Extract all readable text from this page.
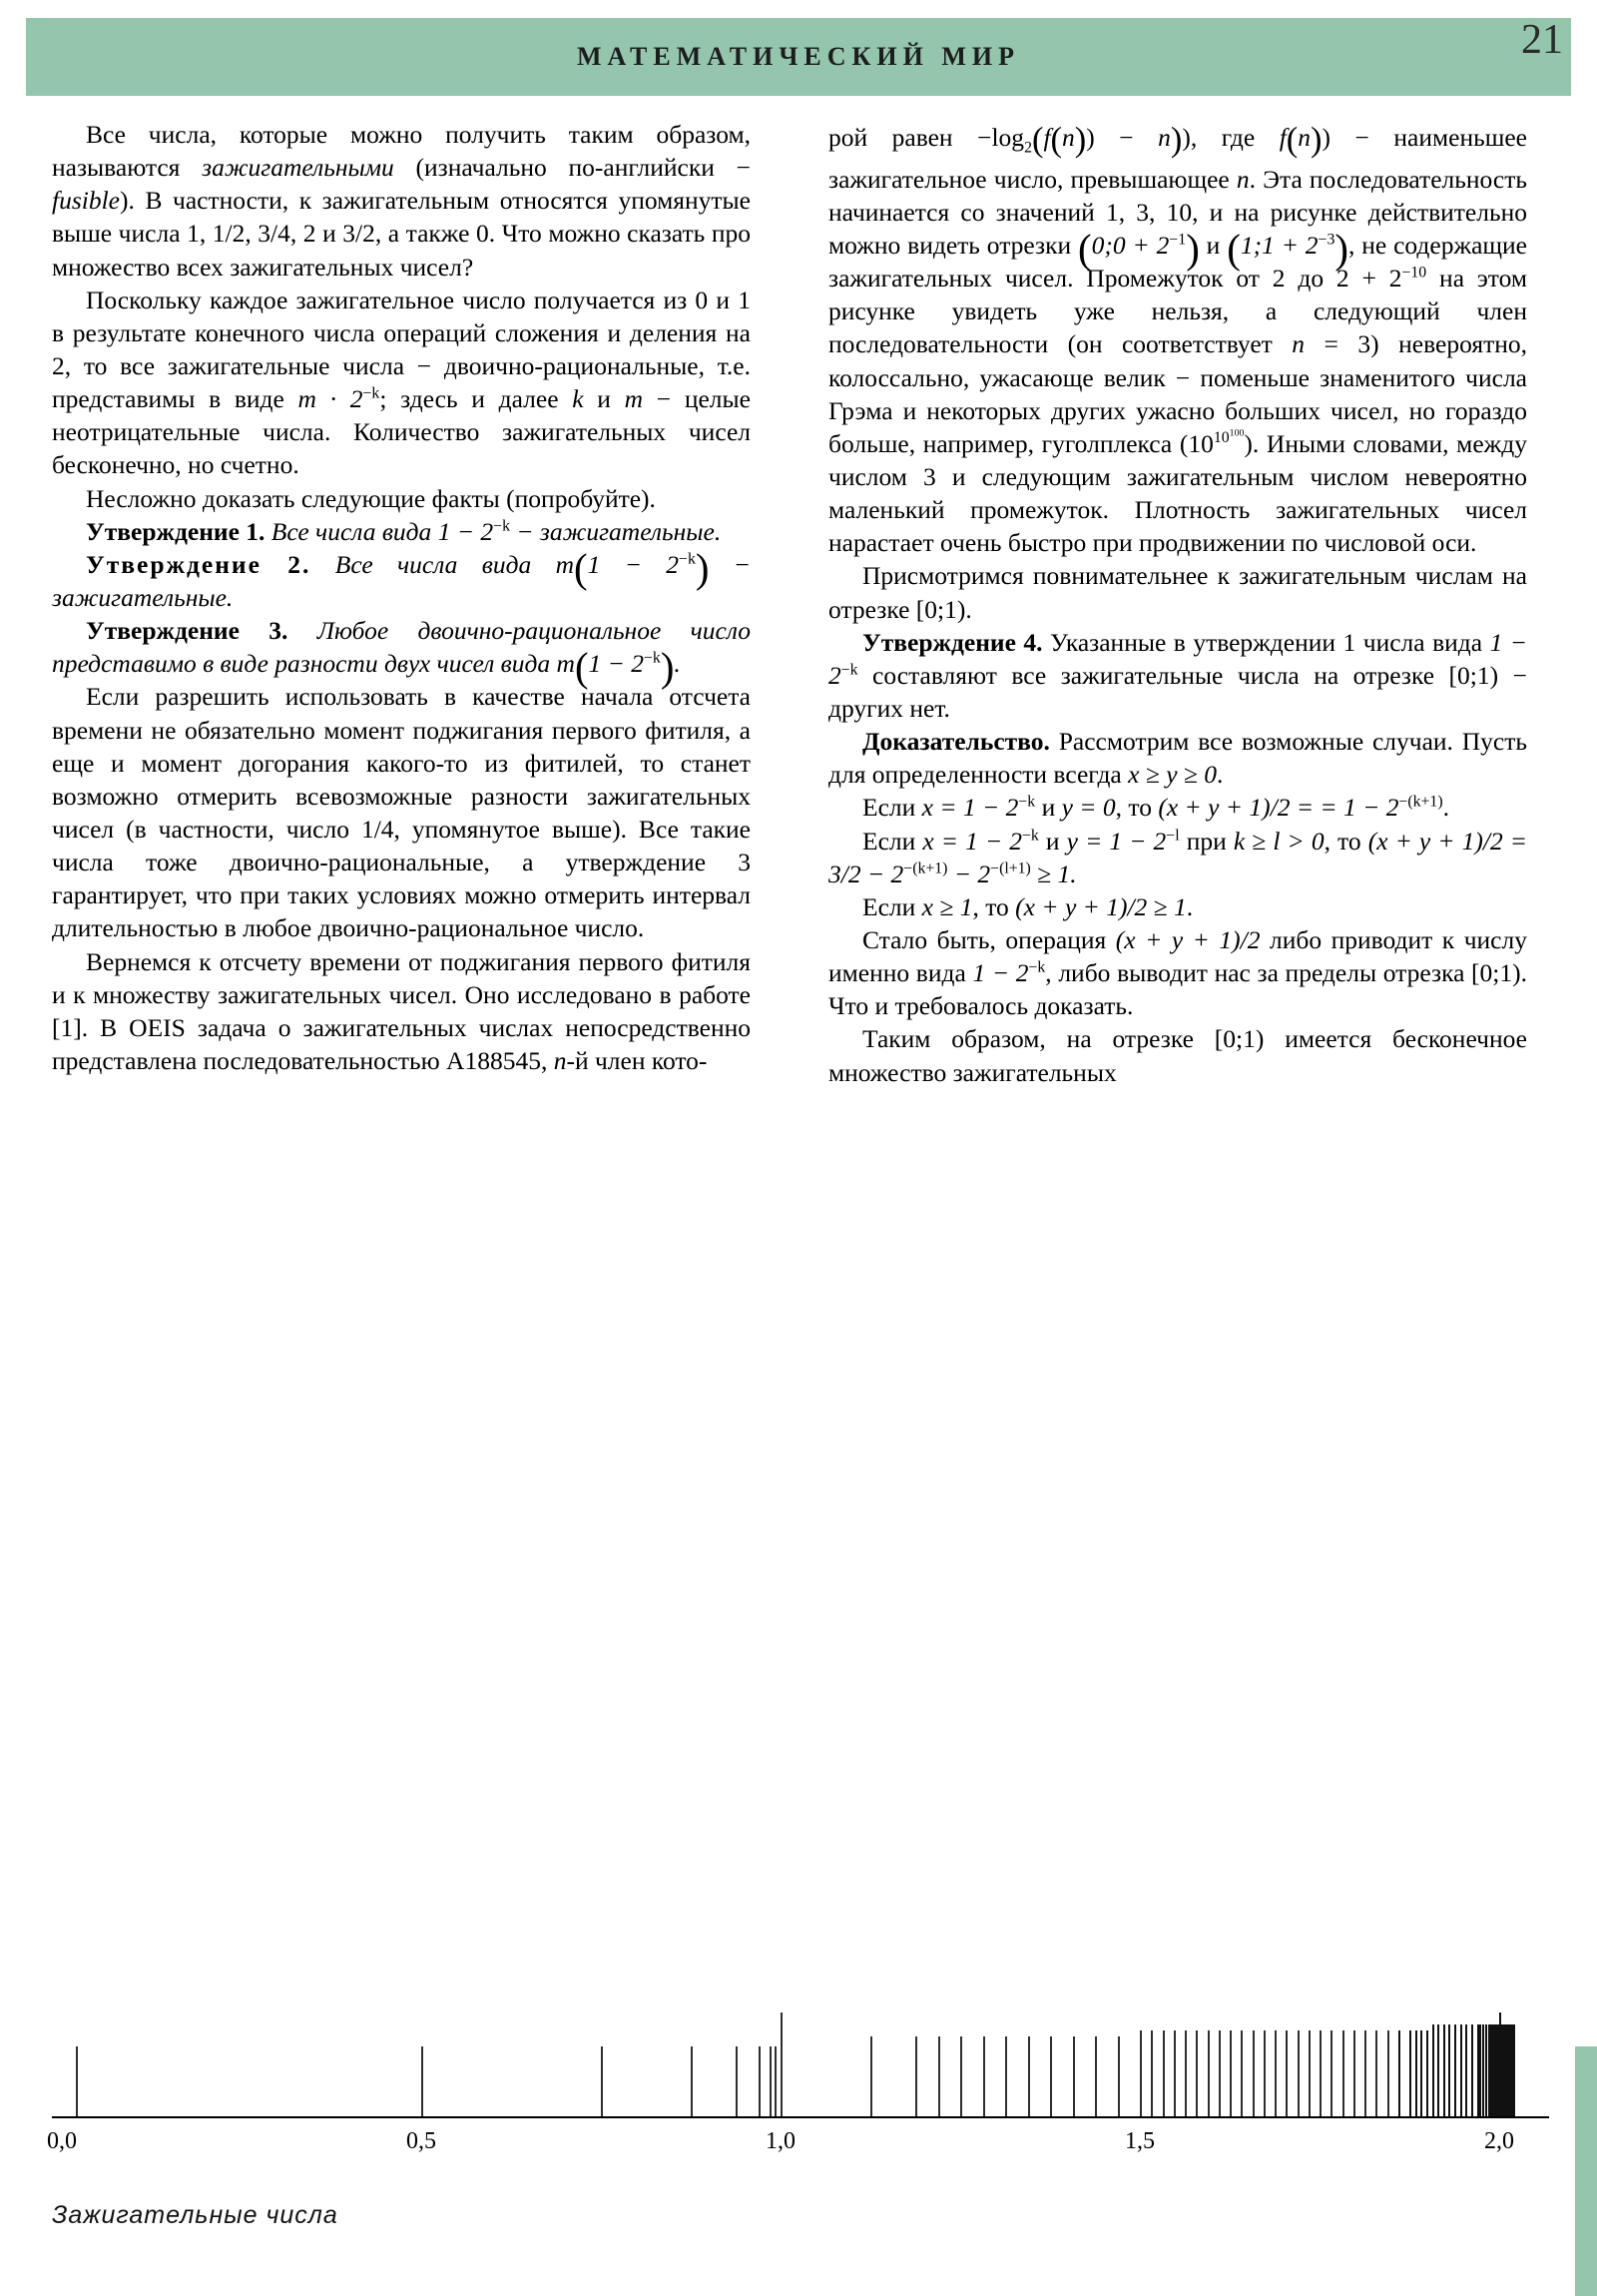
МАТЕМАТИЧЕСКИЙ МИР	21

Все числа, которые можно получить таким образом, называются зажигательными (изначально по-английски − fusible). В частности, к зажигательным относятся упомянутые выше числа 1, 1/2, 3/4, 2 и 3/2, а также 0. Что можно сказать про множество всех зажигательных чисел?

Поскольку каждое зажигательное число получается из 0 и 1 в результате конечного числа операций сложения и деления на 2, то все зажигательные числа − двоично-рациональные, т.е. представимы в виде $m \cdot 2^{-k}$; здесь и далее k и m − целые неотрицательные числа. Количество зажигательных чисел бесконечно, но счетно.

Несложно доказать следующие факты (попробуйте).

Утверждение 1. Все числа вида $1 - 2^{-k}$ − зажигательные.

Утверждение 2. Все числа вида $m(1 - 2^{-k})$ − зажигательные.

Утверждение 3. Любое двоично-рациональное число представимо в виде разности двух чисел вида $m(1 - 2^{-k})$.

Если разрешить использовать в качестве начала отсчета времени не обязательно момент поджигания первого фитиля, а еще и момент догорания какого-то из фитилей, то станет возможно отмерить всевозможные разности зажигательных чисел (в частности, число 1/4, упомянутое выше). Все такие числа тоже двоично-рациональные, а утверждение 3 гарантирует, что при таких условиях можно отмерить интервал длительностью в любое двоично-рациональное число.

Вернемся к отсчету времени от поджигания первого фитиля и к множеству зажигательных чисел. Оно исследовано в работе [1]. В OEIS задача о зажигательных числах непосредственно представлена последовательностью A188545, n-й член кото-

рой равен $-\log_2(f(n)) - n$)), где f(n)) − наименьшее зажигательное число, превышающее n. Эта последовательность начинается со значений 1, 3, 10, и на рисунке действительно можно видеть отрезки (0;0 + $2^{-1}$) и (1;1 + $2^{-3}$), не содержащие зажигательных чисел. Промежуток от 2 до $2 + 2^{-10}$ на этом рисунке увидеть уже нельзя, а следующий член последовательности (он соответствует n = 3) невероятно, колоссально, ужасающе велик − поменьше знаменитого числа Грэма и некоторых других ужасно больших чисел, но гораздо больше, например, гуголплекса $(10^{10^{100}})$. Иными словами, между числом 3 и следующим зажигательным числом невероятно маленький промежуток. Плотность зажигательных чисел нарастает очень быстро при продвижении по числовой оси.

Присмотримся повнимательнее к зажигательным числам на отрезке [0;1).

Утверждение 4. Указанные в утверждении 1 числа вида $1 - 2^{-k}$ составляют все зажигательные числа на отрезке [0;1) − других нет.

Доказательство. Рассмотрим все возможные случаи. Пусть для определенности всегда x ≥ y ≥ 0.

Если $x = 1 - 2^{-k}$ и y = 0, то (x + y + 1)/2 = = $1 - 2^{-(k+1)}$.

Если $x = 1 - 2^{-k}$ и $y = 1 - 2^{-l}$ при k ≥ l > 0, то $(x + y + 1)/2 = 3/2 - 2^{-(k+1)} - 2^{-(l+1)} \ge 1$.

Если x ≥ 1, то (x + y + 1)/2 ≥ 1.

Стало быть, операция (x + y + 1)/2 либо приводит к числу именно вида $1 - 2^{-k}$, либо выводит нас за пределы отрезка [0;1). Что и требовалось доказать.

Таким образом, на отрезке [0;1) имеется бесконечное множество зажигательных

0,0	0,5	1,0	1,5	2,0
Зажигательные числа
